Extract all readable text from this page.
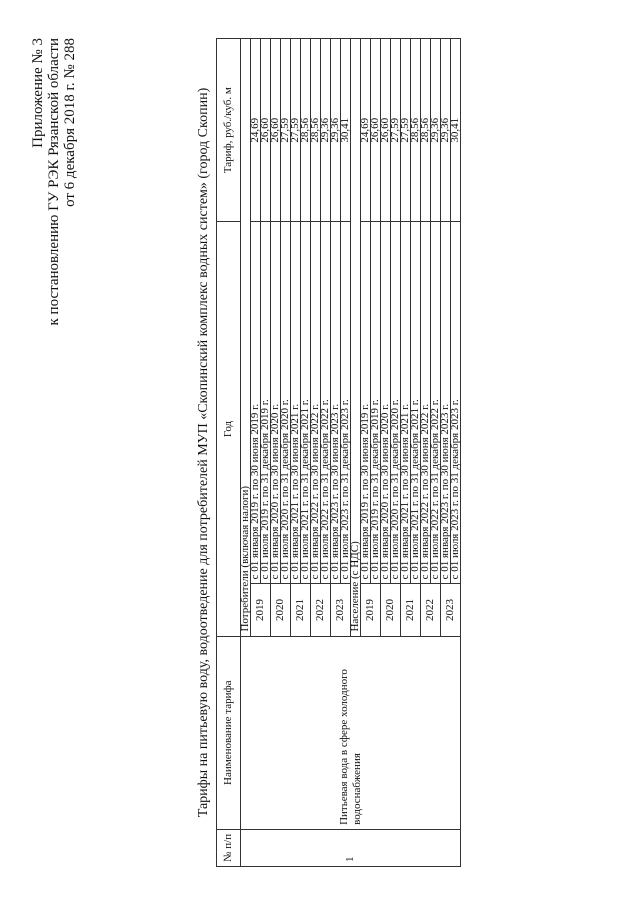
Приложение № 3 к постановлению ГУ РЭК Рязанской области от 6 декабря 2018 г. № 288	Тарифы на питьевую воду, водоотведение для потребителей МУП «Скопинский комплекс водных систем» (город Скопин)
№ п/п	Наименование тарифа	Год		Тариф, руб./куб. м
1	Питьевая вода в сфере холодного водоснабжения	Потребители (включая налоги)		
		2019	с 01 января 2019 г. по 30 июня 2019 г.	24,69
			с 01 июля 2019 г. по 31 декабря 2019 г.	26,60
		2020	с 01 января 2020 г. по 30 июня 2020 г.	26,60
			с 01 июля 2020 г. по 31 декабря 2020 г.	27,59
		2021	с 01 января 2021 г. по 30 июня 2021 г.	27,59
			с 01 июля 2021 г. по 31 декабря 2021 г.	28,56
		2022	с 01 января 2022 г. по 30 июня 2022 г.	28,56
			с 01 июля 2022 г. по 31 декабря 2022 г.	29,36
		2023	с 01 января 2023 г. по 30 июня 2023 г.	29,36
			с 01 июля 2023 г. по 31 декабря 2023 г.	30,41
		Население (с НДС)		
		2019	с 01 января 2019 г. по 30 июня 2019 г.	24,69
			с 01 июля 2019 г. по 31 декабря 2019 г.	26,60
		2020	с 01 января 2020 г. по 30 июня 2020 г.	26,60
			с 01 июля 2020 г. по 31 декабря 2020 г.	27,59
		2021	с 01 января 2021 г. по 30 июня 2021 г.	27,59
			с 01 июля 2021 г. по 31 декабря 2021 г.	28,56
		2022	с 01 января 2022 г. по 30 июня 2022 г.	28,56
			с 01 июля 2022 г. по 31 декабря 2022 г.	29,36
		2023	с 01 января 2023 г. по 30 июня 2023 г.	29,36
			с 01 июля 2023 г. по 31 декабря 2023 г.	30,41
